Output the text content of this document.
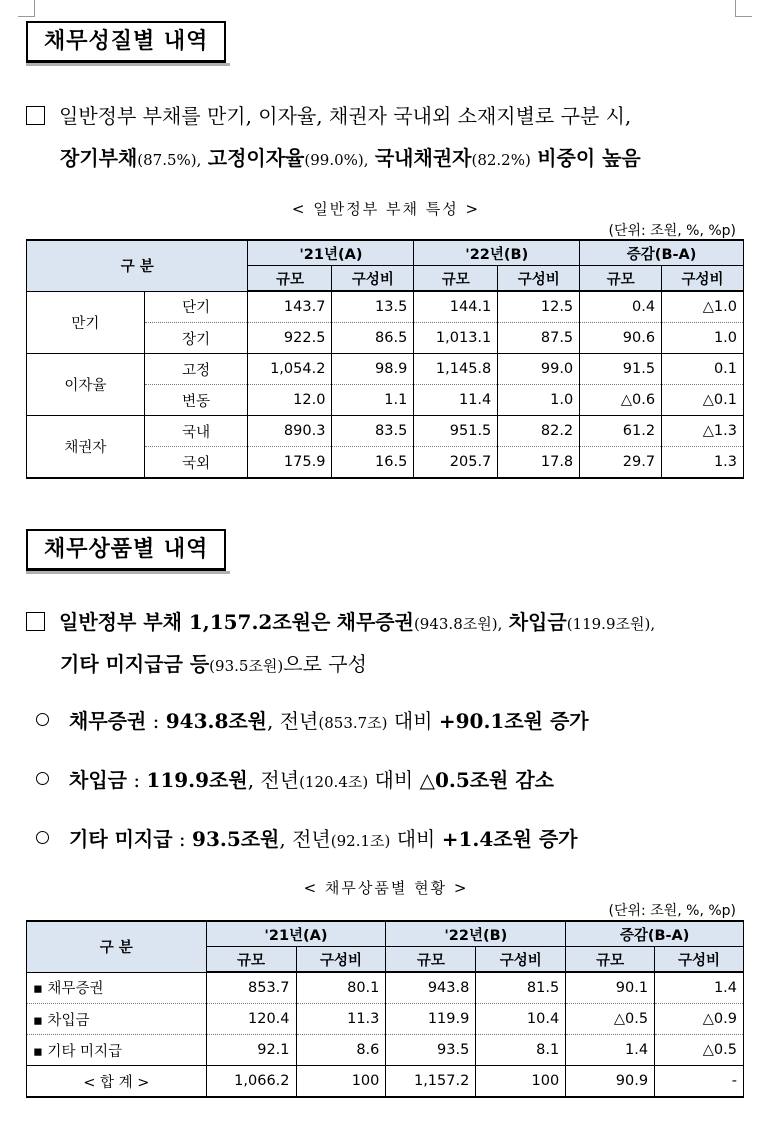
채무성질별 내역
일반정부 부채를 만기, 이자율, 채권자 국내외 소재지별로 구분 시,
장기부채(87.5%), 고정이자율(99.0%), 국내채권자(82.2%) 비중이 높음
< 일반정부 부채 특성 >
(단위: 조원, %, %p)
구 분		'21년(A)		'22년(B)		증감(B-A)	
		규모	구성비	규모	구성비	규모	구성비
만기	단기	143.7	13.5	144.1	12.5	0.4	△1.0
	장기	922.5	86.5	1,013.1	87.5	90.6	1.0
이자율	고정	1,054.2	98.9	1,145.8	99.0	91.5	0.1
	변동	12.0	1.1	11.4	1.0	△0.6	△0.1
채권자	국내	890.3	83.5	951.5	82.2	61.2	△1.3
	국외	175.9	16.5	205.7	17.8	29.7	1.3
채무상품별 내역
일반정부 부채 1,157.2조원은 채무증권(943.8조원), 차입금(119.9조원),
기타 미지급금 등(93.5조원)으로 구성
채무증권 : 943.8조원, 전년(853.7조) 대비 +90.1조원 증가
차입금 : 119.9조원, 전년(120.4조) 대비 △0.5조원 감소
기타 미지급 : 93.5조원, 전년(92.1조) 대비 +1.4조원 증가
< 채무상품별 현황 >
(단위: 조원, %, %p)
구 분	'21년(A)		'22년(B)		증감(B-A)	
	규모	구성비	규모	구성비	규모	구성비
▪ 채무증권	853.7	80.1	943.8	81.5	90.1	1.4
▪ 차입금	120.4	11.3	119.9	10.4	△0.5	△0.9
▪ 기타 미지급	92.1	8.6	93.5	8.1	1.4	△0.5
< 합 계 >	1,066.2	100	1,157.2	100	90.9	-
